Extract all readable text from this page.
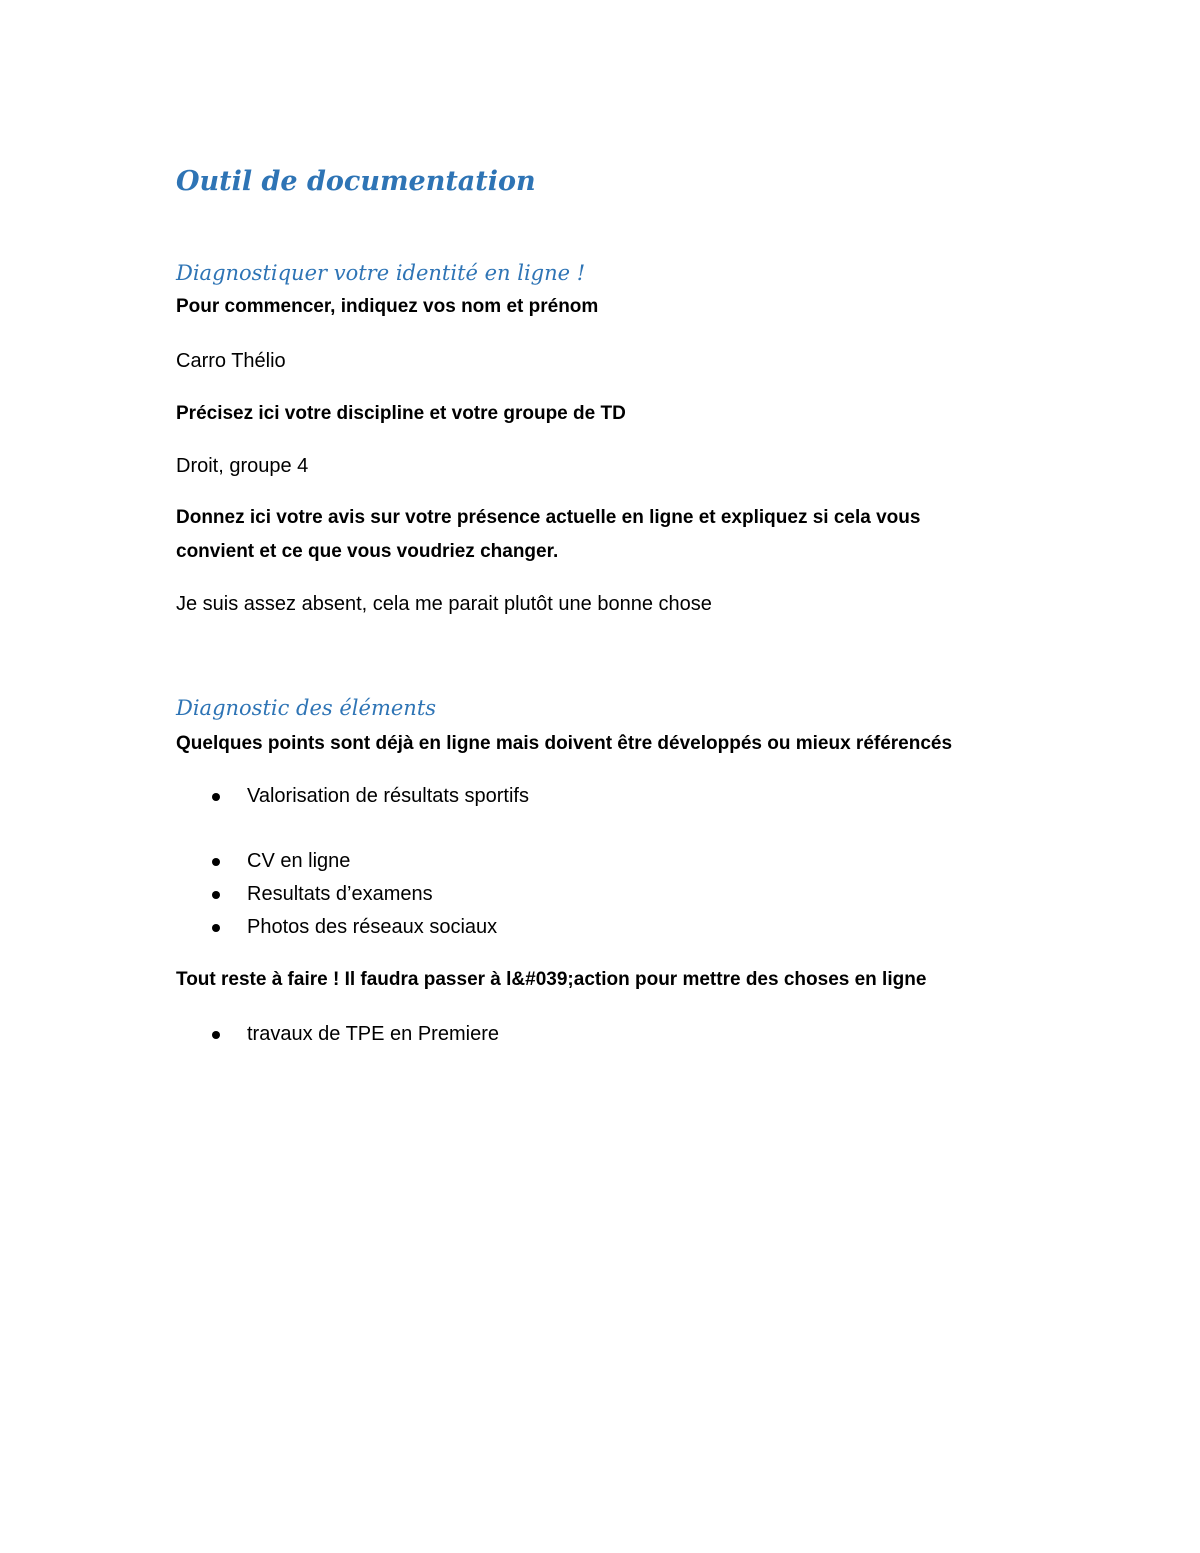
Outil de documentation
Diagnostiquer votre identité en ligne !

Pour commencer, indiquez vos nom et prénom

Carro Thélio

Précisez ici votre discipline et votre groupe de TD

Droit, groupe 4

Donnez ici votre avis sur votre présence actuelle en ligne et expliquez si cela vous

convient et ce que vous voudriez changer.

Je suis assez absent, cela me parait plutôt une bonne chose

Diagnostic des éléments

Quelques points sont déjà en ligne mais doivent être développés ou mieux référencés

Valorisation de résultats sportifs
CV en ligne
Resultats d’examens
Photos des réseaux sociaux

Tout reste à faire ! Il faudra passer à l&#039;action pour mettre des choses en ligne

travaux de TPE en Premiere
